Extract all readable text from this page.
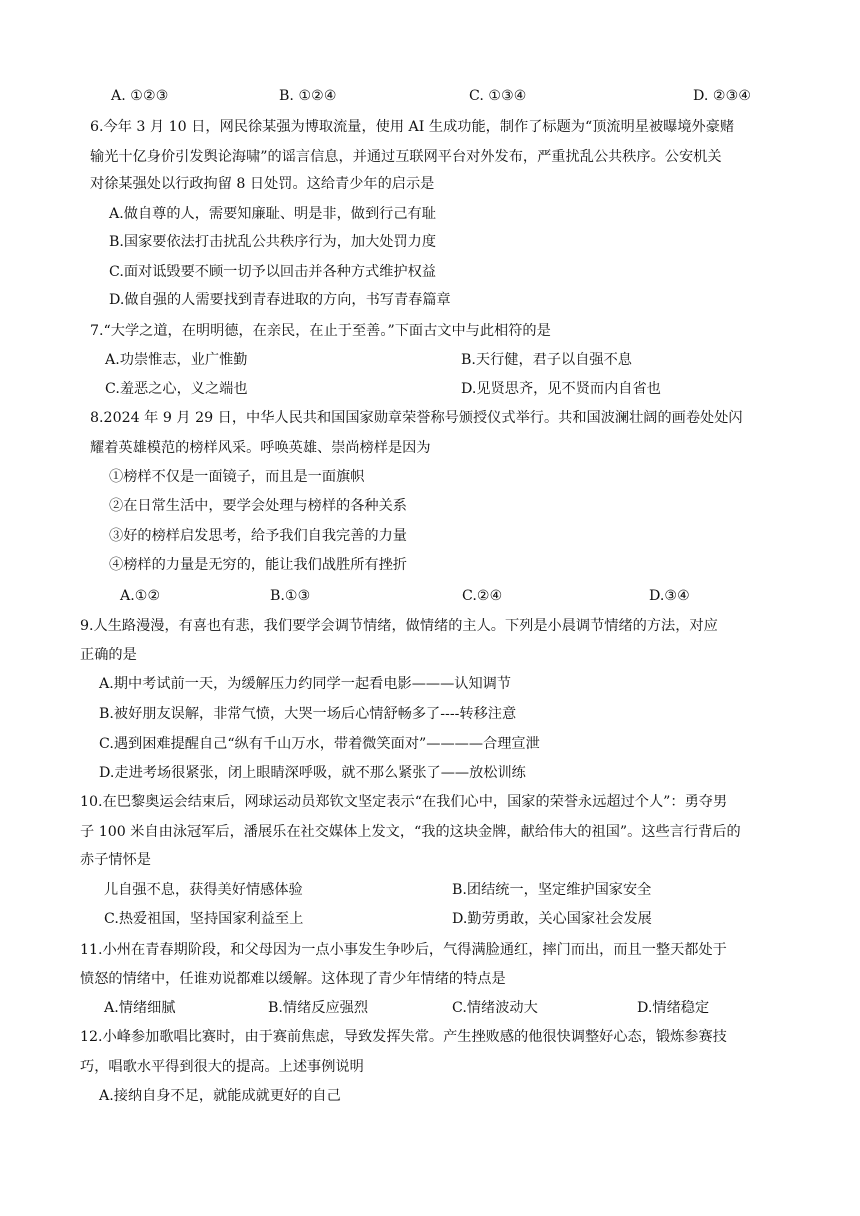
A. ①②③	B. ①②④	C. ①③④	D. ②③④
6.今年 3 月 10 日，网民徐某强为博取流量，使用 AI 生成功能，制作了标题为“顶流明星被曝境外豪赌
输光十亿身价引发舆论海啸”的谣言信息，并通过互联网平台对外发布，严重扰乱公共秩序。公安机关
对徐某强处以行政拘留 8 日处罚。这给青少年的启示是
A.做自尊的人，需要知廉耻、明是非，做到行己有耻
B.国家要依法打击扰乱公共秩序行为，加大处罚力度
C.面对诋毁要不顾一切予以回击并各种方式维护权益
D.做自强的人需要找到青春进取的方向，书写青春篇章
7.“大学之道，在明明德，在亲民，在止于至善。”下面古文中与此相符的是
A.功崇惟志，业广惟勤	B.天行健，君子以自强不息
C.羞恶之心，义之端也	D.见贤思齐，见不贤而内自省也
8.2024 年 9 月 29 日，中华人民共和国国家勋章荣誉称号颁授仪式举行。共和国波澜壮阔的画卷处处闪
耀着英雄模范的榜样风采。呼唤英雄、崇尚榜样是因为
①榜样不仅是一面镜子，而且是一面旗帜
②在日常生活中，要学会处理与榜样的各种关系
③好的榜样启发思考，给予我们自我完善的力量
④榜样的力量是无穷的，能让我们战胜所有挫折
A.①②	B.①③	C.②④	D.③④
9.人生路漫漫，有喜也有悲，我们要学会调节情绪，做情绪的主人。下列是小晨调节情绪的方法，对应
正确的是
A.期中考试前一天，为缓解压力约同学一起看电影———认知调节
B.被好朋友误解，非常气愤，大哭一场后心情舒畅多了----转移注意
C.遇到困难提醒自己“纵有千山万水，带着微笑面对”————合理宣泄
D.走进考场很紧张，闭上眼睛深呼吸，就不那么紧张了——放松训练
10.在巴黎奥运会结束后，网球运动员郑钦文坚定表示“在我们心中，国家的荣誉永远超过个人”：勇夺男
子 100 米自由泳冠军后，潘展乐在社交媒体上发文，“我的这块金牌，献给伟大的祖国”。这些言行背后的
赤子情怀是
儿自强不息，获得美好情感体验	B.团结统一，坚定维护国家安全
C.热爱祖国，坚持国家利益至上	D.勤劳勇敢，关心国家社会发展
11.小州在青春期阶段，和父母因为一点小事发生争吵后，气得满脸通红，摔门而出，而且一整天都处于
愤怒的情绪中，任谁劝说都难以缓解。这体现了青少年情绪的特点是
A.情绪细腻	B.情绪反应强烈	C.情绪波动大	D.情绪稳定
12.小峰参加歌唱比赛时，由于赛前焦虑，导致发挥失常。产生挫败感的他很快调整好心态，锻炼参赛技
巧，唱歌水平得到很大的提高。上述事例说明
A.接纳自身不足，就能成就更好的自己
